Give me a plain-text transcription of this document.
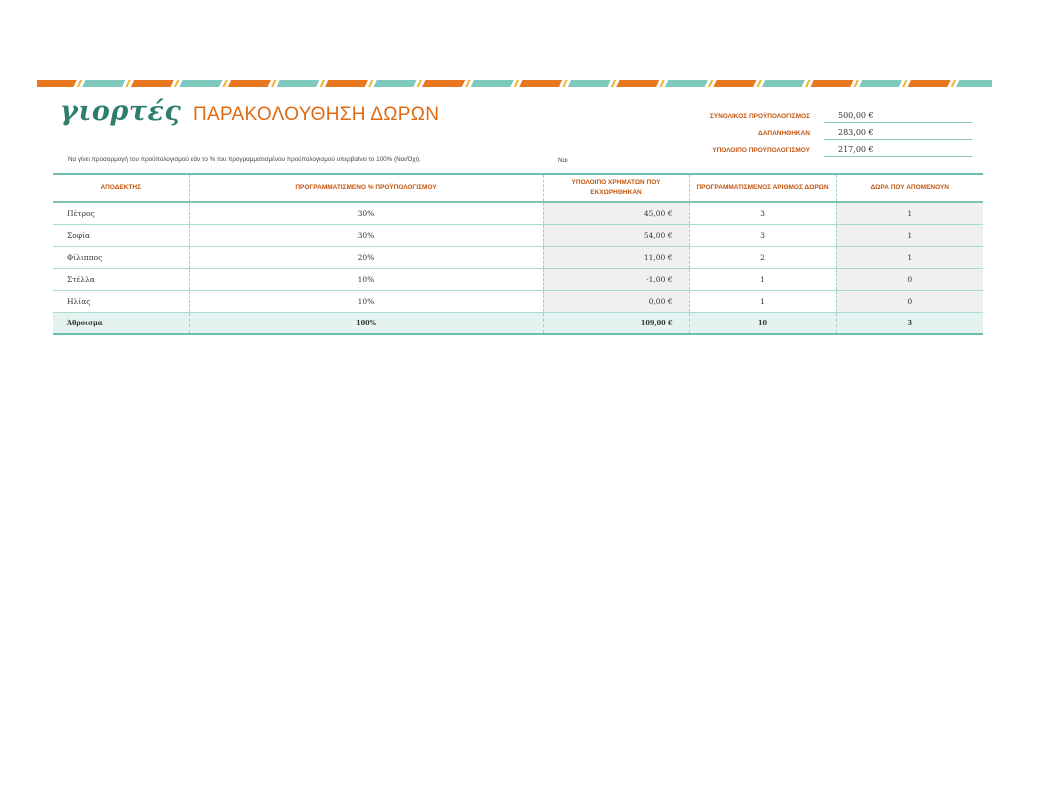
γιορτές ΠΑΡΑΚΟΛΟΥΘΗΣΗ ΔΩΡΩΝ	ΣΥΝΟΛΙΚΟΣ ΠΡΟΫΠΟΛΟΓΙΣΜΟΣ	500,00 €
ΔΑΠΑΝΗΘΗΚΑΝ	283,00 €
ΥΠΟΛΟΙΠΟ ΠΡΟΫΠΟΛΟΓΙΣΜΟΥ	217,00 €
Να γίνει προσαρμογή του προϋπολογισμού εάν το % του προγραμματισμένου προϋπολογισμού υπερβαίνει το 100% (Ναι/Όχι).	Ναι
ΑΠΟΔΕΚΤΗΣ	ΠΡΟΓΡΑΜΜΑΤΙΣΜΕΝΟ % ΠΡΟΫΠΟΛΟΓΙΣΜΟΥ	ΥΠΟΛΟΙΠΟ ΧΡΗΜΑΤΩΝ ΠΟΥ ΕΚΧΩΡΗΘΗΚΑΝ	ΠΡΟΓΡΑΜΜΑΤΙΣΜΕΝΟΣ ΑΡΙΘΜΟΣ ΔΩΡΩΝ	ΔΩΡΑ ΠΟΥ ΑΠΟΜΕΝΟΥΝ
Πέτρος	30%	45,00 €	3	1
Σοφία	30%	54,00 €	3	1
Φίλιππος	20%	11,00 €	2	1
Στέλλα	10%	-1,00 €	1	0
Ηλίας	10%	0,00 €	1	0
Άθροισμα	100%	109,00 €	10	3
